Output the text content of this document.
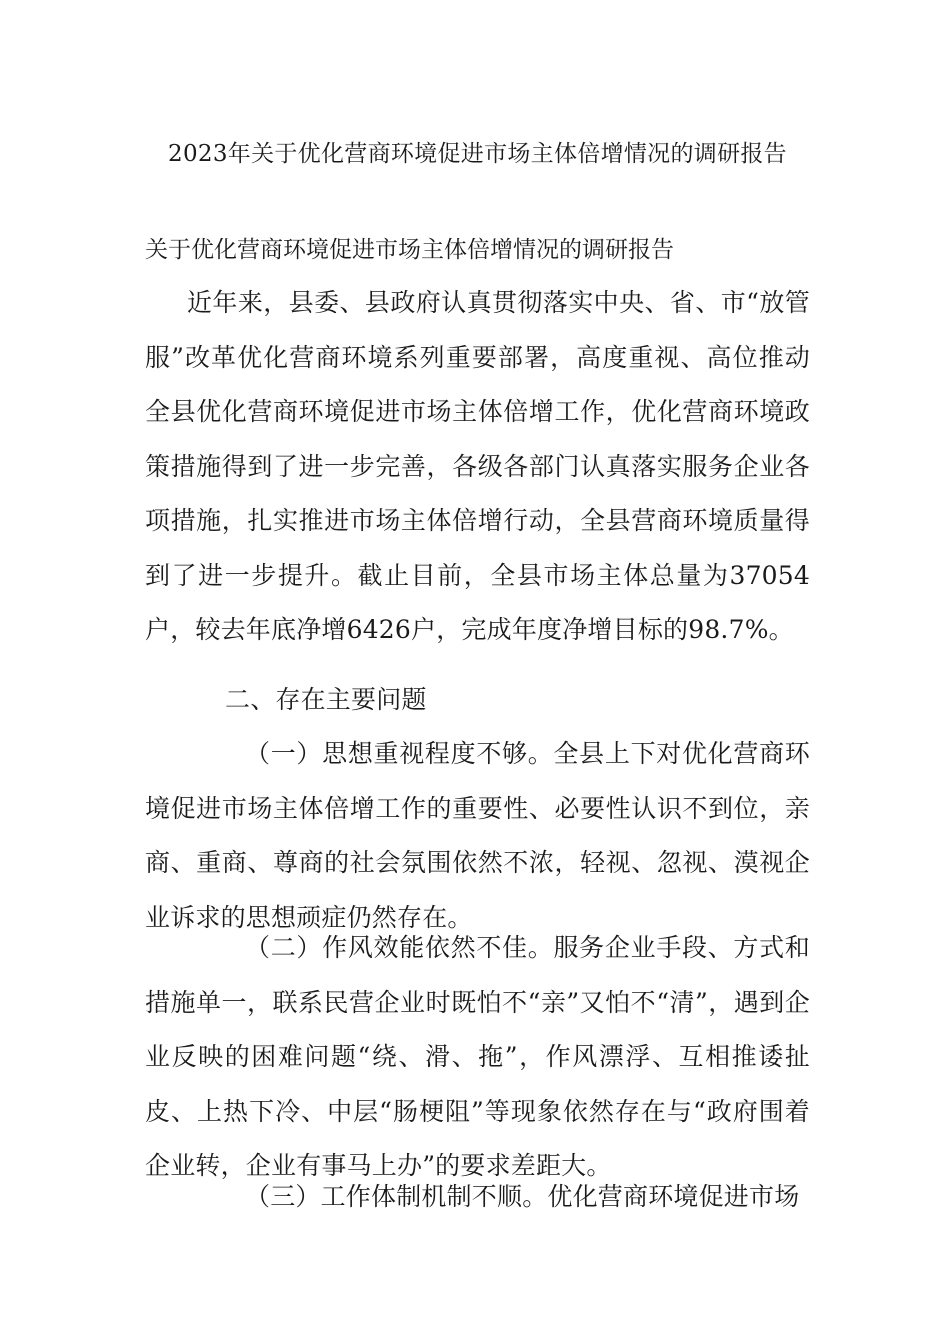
2023年关于优化营商环境促进市场主体倍增情况的调研报告
关于优化营商环境促进市场主体倍增情况的调研报告
近年来，县委、县政府认真贯彻落实中央、省、市“放管服”改革优化营商环境系列重要部署，高度重视、高位推动全县优化营商环境促进市场主体倍增工作，优化营商环境政策措施得到了进一步完善，各级各部门认真落实服务企业各项措施，扎实推进市场主体倍增行动，全县营商环境质量得到了进一步提升。截止目前，全县市场主体总量为37054户，较去年底净增6426户，完成年度净增目标的98.7%。
二、存在主要问题
（一）思想重视程度不够。全县上下对优化营商环境促进市场主体倍增工作的重要性、必要性认识不到位，亲商、重商、尊商的社会氛围依然不浓，轻视、忽视、漠视企业诉求的思想顽症仍然存在。
（二）作风效能依然不佳。服务企业手段、方式和措施单一，联系民营企业时既怕不“亲”又怕不“清”，遇到企业反映的困难问题“绕、滑、拖”，作风漂浮、互相推诿扯皮、上热下冷、中层“肠梗阻”等现象依然存在与“政府围着企业转，企业有事马上办”的要求差距大。
（三）工作体制机制不顺。优化营商环境促进市场
